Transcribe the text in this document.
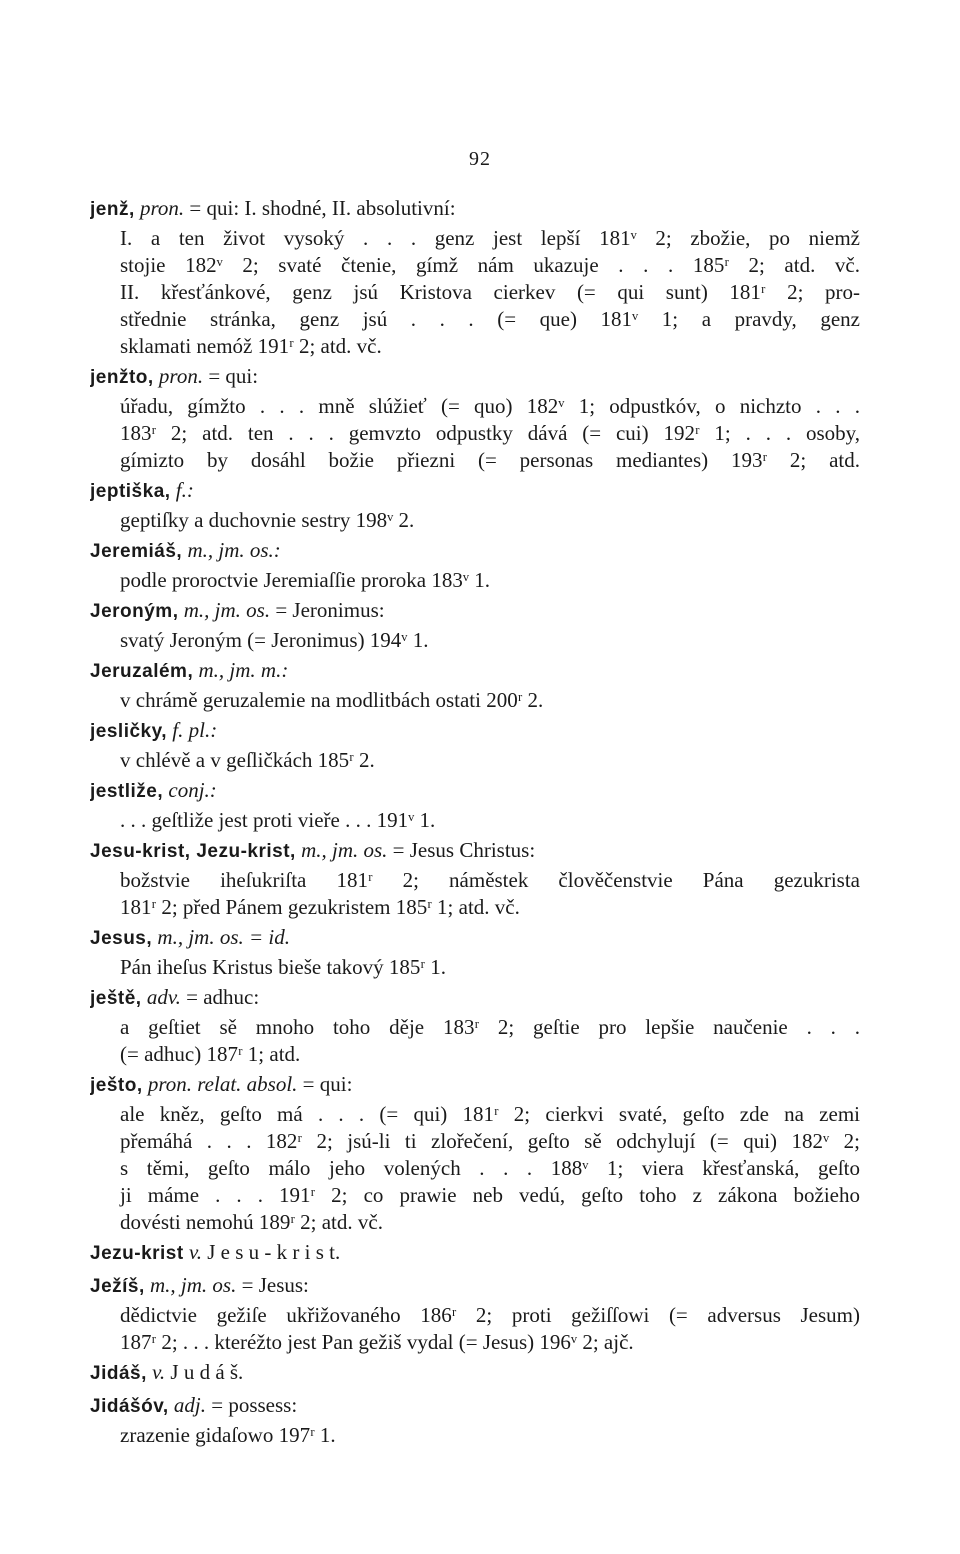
92
jenž, pron. = qui: I. shodné, II. absolutivní:
I. a ten život vysoký . . . genz jest lepší 181ᵛ 2; zbožie, po niemž
stojie 182ᵛ 2; svaté čtenie, gímž nám ukazuje . . . 185ʳ 2; atd. vč.
II. křesťánkové, genz jsú Kristova cierkev (= qui sunt) 181ʳ 2; pro-
střednie stránka, genz jsú . . . (= que) 181ᵛ 1; a pravdy, genz
sklamati nemóž 191ʳ 2; atd. vč.
jenžto, pron. = qui:
úřadu, gímžto . . . mně slúžieť (= quo) 182ᵛ 1; odpustkóv, o nichzto . . .
183ʳ 2; atd. ten . . . gemvzto odpustky dává (= cui) 192ʳ 1; . . . osoby,
gímizto by dosáhl božie přiezni (= personas mediantes) 193ʳ 2; atd.
jeptiška, f.:
geptiſky a duchovnie sestry 198ᵛ 2.
Jeremiáš, m., jm. os.:
podle proroctvie Jeremiaſſie proroka 183ᵛ 1.
Jeroným, m., jm. os. = Jeronimus:
svatý Jeroným (= Jeronimus) 194ᵛ 1.
Jeruzalém, m., jm. m.:
v chrámě geruzalemie na modlitbách ostati 200ʳ 2.
jesličky, f. pl.:
v chlévě a v geſličkách 185ʳ 2.
jestliže, conj.:
. . . geſtliže jest proti vieře . . . 191ᵛ 1.
Jesu-krist, Jezu-krist, m., jm. os. = Jesus Christus:
božstvie iheſukriſta 181ʳ 2; náměstek člověčenstvie Pána gezukrista
181ʳ 2; před Pánem gezukristem 185ʳ 1; atd. vč.
Jesus, m., jm. os. = id.
Pán iheſus Kristus bieše takový 185ʳ 1.
ještě, adv. = adhuc:
a geſtiet sě mnoho toho děje 183ʳ 2; geſtie pro lepšie naučenie . . .
(= adhuc) 187ʳ 1; atd.
ješto, pron. relat. absol. = qui:
ale kněz, geſto má . . . (= qui) 181ʳ 2; cierkvi svaté, geſto zde na zemi
přemáhá . . . 182ʳ 2; jsú-li ti zlořečení, geſto sě odchylují (= qui) 182ᵛ 2;
s těmi, geſto málo jeho volených . . . 188ᵛ 1; viera křesťanská, geſto
ji máme . . . 191ʳ 2; co prawie neb vedú, geſto toho z zákona božieho
dovésti nemohú 189ʳ 2; atd. vč.
Jezu-krist v. J e s u - k r i s t.
Ježíš, m., jm. os. = Jesus:
dědictvie gežiſe ukřižovaného 186ʳ 2; proti gežiſſowi (= adversus Jesum)
187ʳ 2; . . . kteréžto jest Pan gežiš vydal (= Jesus) 196ᵛ 2; ajč.
Jidáš, v. J u d á š.
Jidášóv, adj. = possess:
zrazenie gidaſowo 197ʳ 1.
